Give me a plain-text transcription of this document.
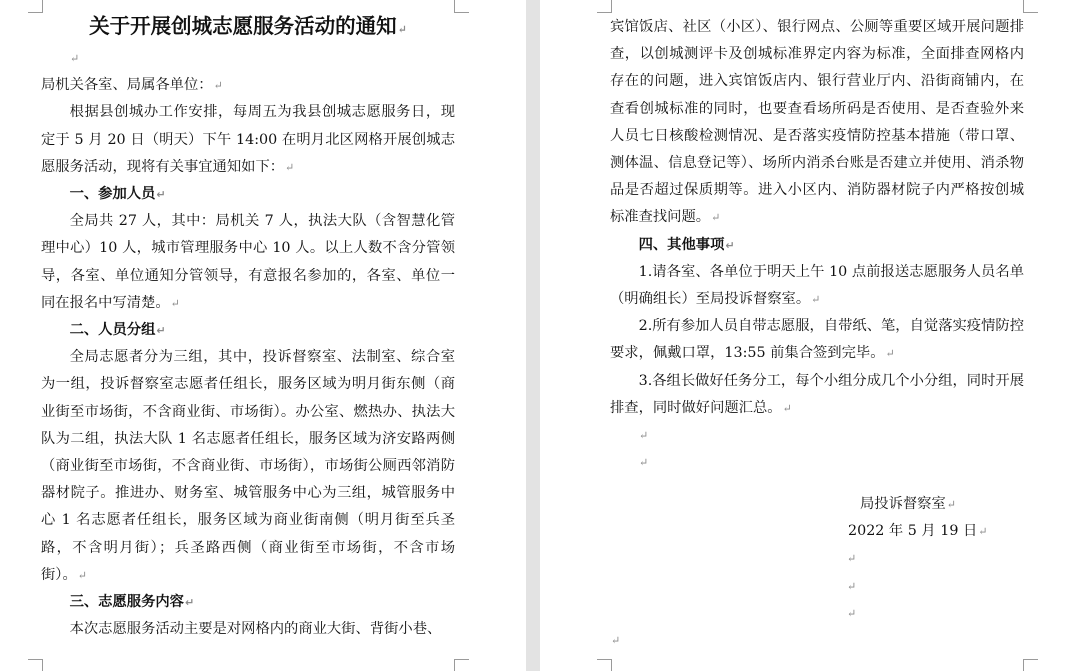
关于开展创城志愿服务活动的通知↵

↵

局机关各室、局属各单位：↵

根据县创城办工作安排，每周五为我县创城志愿服务日，现定于 5 月 20 日（明天）下午 14:00 在明月北区网格开展创城志愿服务活动，现将有关事宜通知如下：↵

一、参加人员↵

全局共 27 人，其中：局机关 7 人，执法大队（含智慧化管理中心）10 人，城市管理服务中心 10 人。以上人数不含分管领导，各室、单位通知分管领导，有意报名参加的，各室、单位一同在报名中写清楚。↵

二、人员分组↵

全局志愿者分为三组，其中，投诉督察室、法制室、综合室为一组，投诉督察室志愿者任组长，服务区域为明月街东侧（商业街至市场街，不含商业街、市场街）。办公室、燃热办、执法大队为二组，执法大队 1 名志愿者任组长，服务区域为济安路两侧（商业街至市场街，不含商业街、市场街），市场街公厕西邻消防器材院子。推进办、财务室、城管服务中心为三组，城管服务中心 1 名志愿者任组长，服务区域为商业街南侧（明月街至兵圣路，不含明月街）；兵圣路西侧（商业街至市场街，不含市场街）。↵

三、志愿服务内容↵

本次志愿服务活动主要是对网格内的商业大街、背街小巷、

宾馆饭店、社区（小区）、银行网点、公厕等重要区域开展问题排查，以创城测评卡及创城标准界定内容为标准，全面排查网格内存在的问题，进入宾馆饭店内、银行营业厅内、沿街商铺内，在查看创城标准的同时，也要查看场所码是否使用、是否查验外来人员七日核酸检测情况、是否落实疫情防控基本措施（带口罩、测体温、信息登记等）、场所内消杀台账是否建立并使用、消杀物品是否超过保质期等。进入小区内、消防器材院子内严格按创城标准查找问题。↵

四、其他事项↵

1.请各室、各单位于明天上午 10 点前报送志愿服务人员名单（明确组长）至局投诉督察室。↵

2.所有参加人员自带志愿服，自带纸、笔，自觉落实疫情防控要求，佩戴口罩，13:55 前集合签到完毕。↵

3.各组长做好任务分工，每个小组分成几个小分组，同时开展排查，同时做好问题汇总。↵

↵

↵

局投诉督察室↵

2022 年 5 月 19 日↵

↵

↵

↵

↵
